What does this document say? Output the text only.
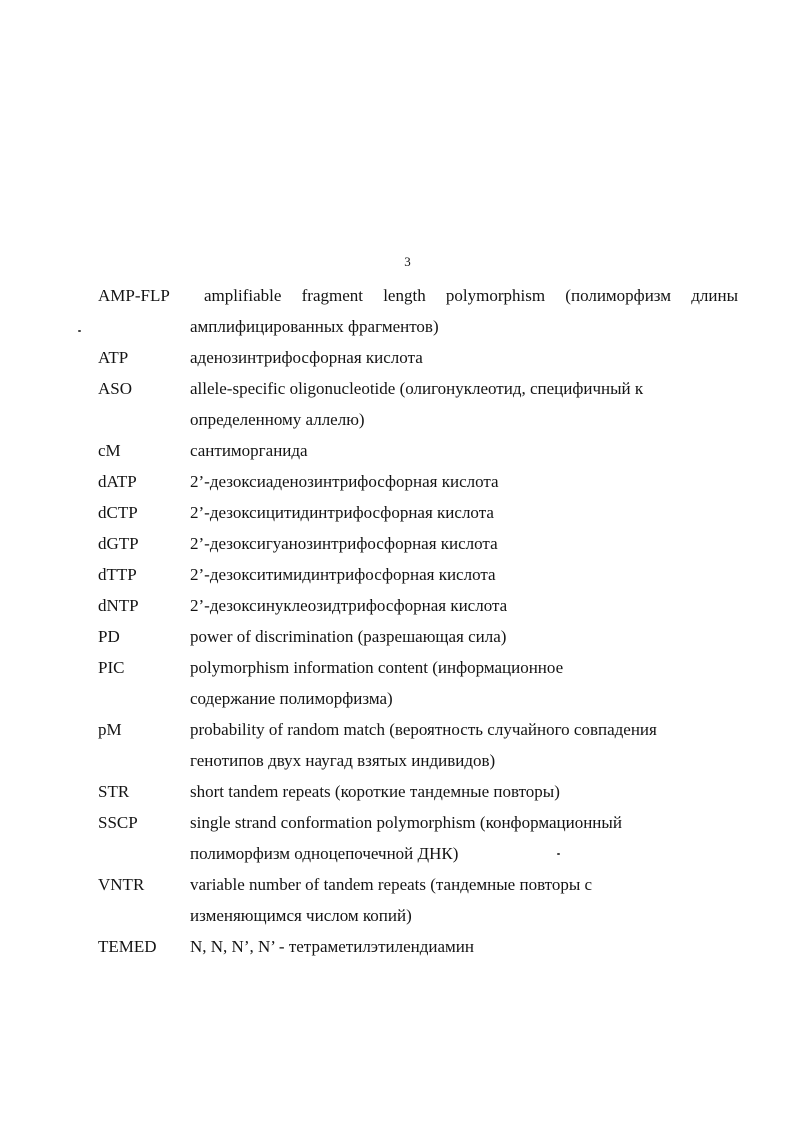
3
AMP-FLP	amplifiable fragment length polymorphism (полиморфизм длины
амплифицированных фрагментов)
ATP	аденозинтрифосфорная кислота
ASO	allele-specific oligonucleotide (олигонуклеотид, специфичный к
определенному аллелю)
cM	сантиморганида
dATP	2’-дезоксиаденозинтрифосфорная кислота
dCTP	2’-дезоксицитидинтрифосфорная кислота
dGTP	2’-дезоксигуанозинтрифосфорная кислота
dTTP	2’-дезокситимидинтрифосфорная кислота
dNTP	2’-дезоксинуклеозидтрифосфорная кислота
PD	power of discrimination (разрешающая сила)
PIC	polymorphism information content (информационное
содержание полиморфизма)
pM	probability of random match (вероятность случайного совпадения
генотипов двух наугад взятых индивидов)
STR	short tandem repeats (короткие тандемные повторы)
SSCP	single strand conformation polymorphism (конформационный
полиморфизм одноцепочечной ДНК)
VNTR	variable number of tandem repeats (тандемные повторы с
изменяющимся числом копий)
TEMED	N, N, N’, N’ - тетраметилэтилендиамин
